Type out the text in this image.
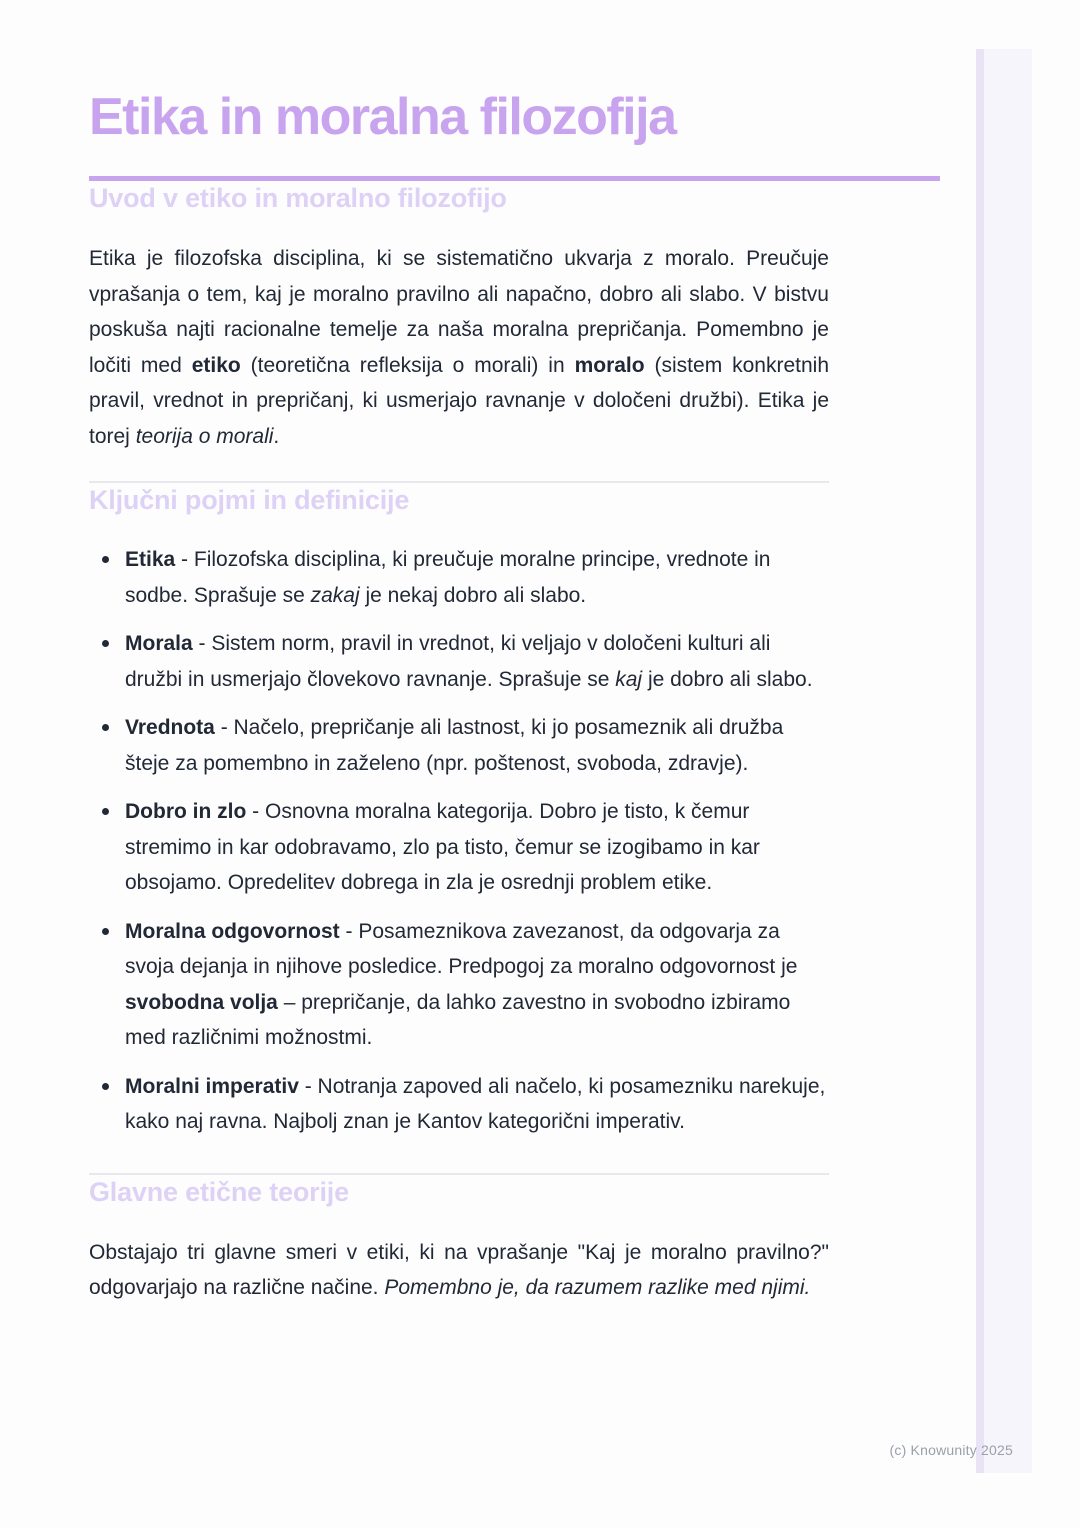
Etika in moralna filozofija
Uvod v etiko in moralno filozofijo

Etika je filozofska disciplina, ki se sistematično ukvarja z moralo. Preučuje vprašanja o tem, kaj je moralno pravilno ali napačno, dobro ali slabo. V bistvu poskuša najti racionalne temelje za naša moralna prepričanja. Pomembno je ločiti med etiko (teoretična refleksija o morali) in moralo (sistem konkretnih pravil, vrednot in prepričanj, ki usmerjajo ravnanje v določeni družbi). Etika je torej teorija o morali.

Ključni pojmi in definicije
Etika - Filozofska disciplina, ki preučuje moralne principe, vrednote in sodbe. Sprašuje se zakaj je nekaj dobro ali slabo.
Morala - Sistem norm, pravil in vrednot, ki veljajo v določeni kulturi ali družbi in usmerjajo človekovo ravnanje. Sprašuje se kaj je dobro ali slabo.
Vrednota - Načelo, prepričanje ali lastnost, ki jo posameznik ali družba šteje za pomembno in zaželeno (npr. poštenost, svoboda, zdravje).
Dobro in zlo - Osnovna moralna kategorija. Dobro je tisto, k čemur stremimo in kar odobravamo, zlo pa tisto, čemur se izogibamo in kar obsojamo. Opredelitev dobrega in zla je osrednji problem etike.
Moralna odgovornost - Posameznikova zavezanost, da odgovarja za svoja dejanja in njihove posledice. Predpogoj za moralno odgovornost je svobodna volja – prepričanje, da lahko zavestno in svobodno izbiramo med različnimi možnostmi.
Moralni imperativ - Notranja zapoved ali načelo, ki posamezniku narekuje, kako naj ravna. Najbolj znan je Kantov kategorični imperativ.
Glavne etične teorije

Obstajajo tri glavne smeri v etiki, ki na vprašanje "Kaj je moralno pravilno?" odgovarjajo na različne načine. Pomembno je, da razumem razlike med njimi.

(c) Knowunity 2025
